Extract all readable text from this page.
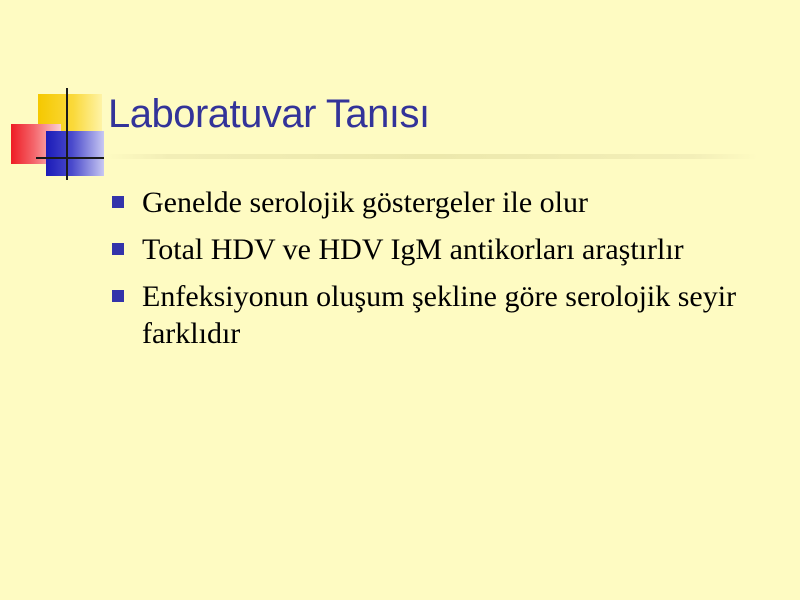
Laboratuvar Tanısı
Genelde serolojik göstergeler ile olur
Total HDV ve HDV IgM antikorları araştırlır
Enfeksiyonun oluşum şekline göre serolojik seyir farklıdır
